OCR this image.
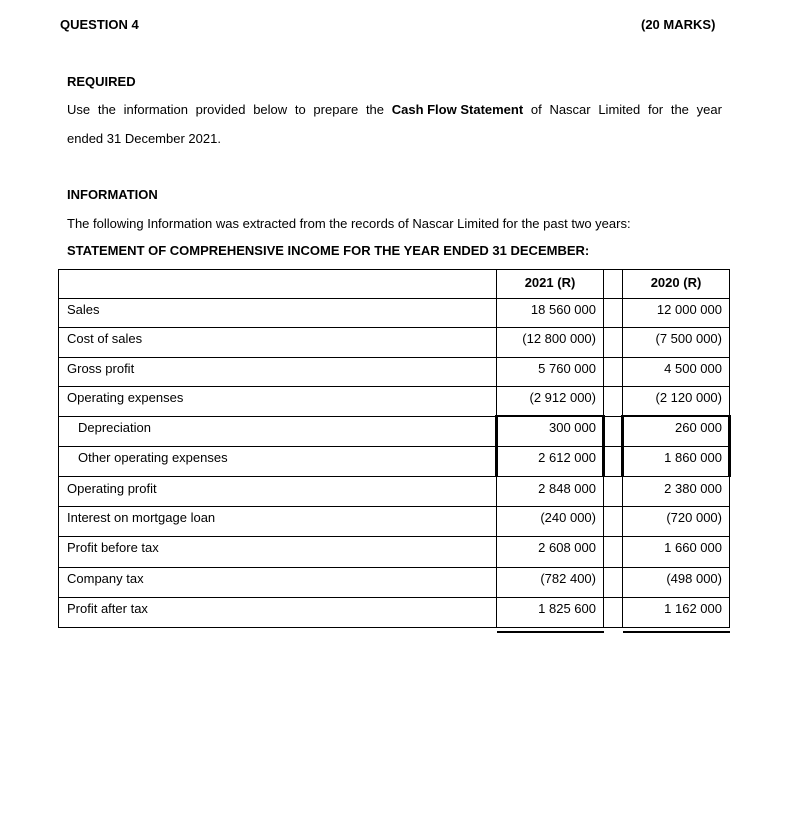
QUESTION 4	(20 MARKS)
REQUIRED
Use the information provided below to prepare the Cash Flow Statement of Nascar Limited for the year
ended 31 December 2021.
INFORMATION
The following Information was extracted from the records of Nascar Limited for the past two years:
STATEMENT OF COMPREHENSIVE INCOME FOR THE YEAR ENDED 31 DECEMBER:
2021 (R)	2020 (R)
Sales	18 560 000	12 000 000
Cost of sales	(12 800 000)	(7 500 000)
Gross profit	5 760 000	4 500 000
Operating expenses	(2 912 000)	(2 120 000)
Depreciation	300 000	260 000
Other operating expenses	2 612 000	1 860 000
Operating profit	2 848 000	2 380 000
Interest on mortgage loan	(240 000)	(720 000)
Profit before tax	2 608 000	1 660 000
Company tax	(782 400)	(498 000)
Profit after tax	1 825 600	1 162 000
